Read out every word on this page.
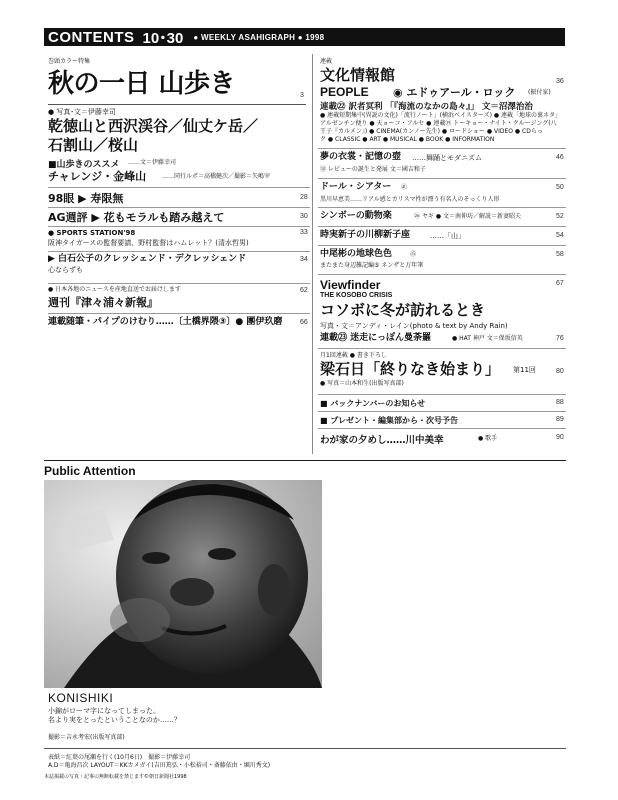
CONTENTS 10･30 ● WEEKLY ASAHIGRAPH ● 1998
巻頭カラー特集
秋の一日 山歩き	3
● 写真･文＝伊藤幸司
乾徳山と西沢渓谷／仙丈ケ岳／
石割山／桜山
■山歩きのススメ ……文＝伊藤幸司
チャレンジ・金峰山	……同行ルポ＝高橋健次／撮影＝矢嶋宰
98眼 ▶ 寿限無	28
AG週評 ▶ 花もモラルも踏み越えて	30
● SPORTS STATION'98	33
阪神タイガースの監督要請、野村監督はハムレット？(清水哲男)
▶ 白石公子のクレッシェンド・デクレッシェンド	34
心ならずも
● 日本各地のニュースを産地直送でお届けします	62
週刊『津々浦々新報』
連載随筆・パイプのけむり……〔土橋界隈③〕● 團伊玖磨	66
連載
文化情報館	36
PEOPLE ◉ エドゥアール・ロック (振付家)
連載㉒ 訳者冥利 「『海流のなかの島々』」 文＝沼澤治治
● 連載短期集中(異説の文化)「流行ノート」(横浜ベイスターズ) ● 連載「地球の裏ネタ」
アルゼンチン便り ● 天ョーコ・フルセ ● 連載⑲ トーキョー・ナイト・クルージング(八
王子『カルメン』) ● CINEMA(カンノー先生) ● ロードショー ● VIDEO ● CDらっ
ク ● CLASSIC ● ART ● MUSICAL ● BOOK ● INFORMATION
夢の衣裳・記憶の壺 ……舞踊とモダニズム	46
⑱ レビューの誕生と発展 文＝國吉和子
ドール・シアター ㊶	50
黒川早恵美……リアル感とカリスマ性が漂う有名人のそっくり人形
シンボーの動物楽	㉖ ヤギ ● 文＝南伸坊／解説＝新妻昭夫	52
時実新子の川柳新子座	……「山」	54
中尾彬の地球色色	⑮	58
またまた身辺雑記編⑤ ネンザと万年筆
Viewfinder	67
THE KOSOBO CRISIS
コソボに冬が訪れるとき
写真・文＝アンディ・レイン(photo & text by Andy Rain)
連載㉓ 迷走にっぽん曼荼羅	● HAT 神戸 文＝保坂信英	76
月1回連載 ● 書き下ろし
梁石日「終りなき始まり」 第11回	80
● 写真＝山本和生(出版写真部)
■ バックナンバーのお知らせ	88
■ プレゼント・編集部から・次号予告	89
わが家の夕めし……川中美幸	● 歌手	90
Public Attention
KONISHIKI
小錦がローマ字になってしまった。
名より実をとったということなのか……？
撮影＝吉永考宏(出版写真部)
表紙＝紅葉の尾瀬を行く(10月6日)　撮影＝伊藤幸司
A.D＝亀海昌次 LAYOUT＝KKカメガイ(吉田篤弘・小松裕司・斎藤依由・堀川秀文)
本誌掲載の写真・記事の無断転載を禁じます©朝日新聞社1998
